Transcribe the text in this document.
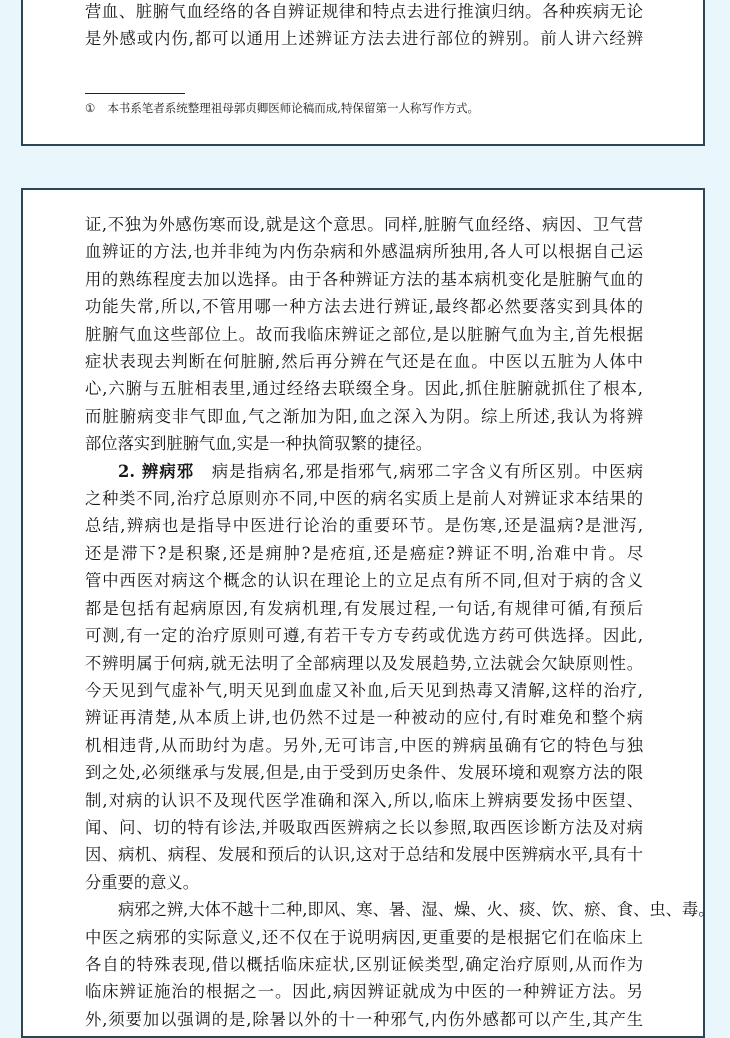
营血、脏腑气血经络的各自辨证规律和特点去进行推演归纳。各种疾病无论
是外感或内伤,都可以通用上述辨证方法去进行部位的辨别。前人讲六经辨
① 本书系笔者系统整理祖母郭贞卿医师论稿而成,特保留第一人称写作方式。
证,不独为外感伤寒而设,就是这个意思。同样,脏腑气血经络、病因、卫气营
血辨证的方法,也并非纯为内伤杂病和外感温病所独用,各人可以根据自己运
用的熟练程度去加以选择。由于各种辨证方法的基本病机变化是脏腑气血的
功能失常,所以,不管用哪一种方法去进行辨证,最终都必然要落实到具体的
脏腑气血这些部位上。故而我临床辨证之部位,是以脏腑气血为主,首先根据
症状表现去判断在何脏腑,然后再分辨在气还是在血。中医以五脏为人体中
心,六腑与五脏相表里,通过经络去联缀全身。因此,抓住脏腑就抓住了根本,
而脏腑病变非气即血,气之渐加为阳,血之深入为阴。综上所述,我认为将辨
部位落实到脏腑气血,实是一种执简驭繁的捷径。
2. 辨病邪　 病是指病名,邪是指邪气,病邪二字含义有所区别。中医病
之种类不同,治疗总原则亦不同,中医的病名实质上是前人对辨证求本结果的
总结,辨病也是指导中医进行论治的重要环节。是伤寒,还是温病?是泄泻,
还是滞下?是积聚,还是痈肿?是疮疽,还是癌症?辨证不明,治难中肯。尽
管中西医对病这个概念的认识在理论上的立足点有所不同,但对于病的含义
都是包括有起病原因,有发病机理,有发展过程,一句话,有规律可循,有预后
可测,有一定的治疗原则可遵,有若干专方专药或优选方药可供选择。因此,
不辨明属于何病,就无法明了全部病理以及发展趋势,立法就会欠缺原则性。
今天见到气虚补气,明天见到血虚又补血,后天见到热毒又清解,这样的治疗,
辨证再清楚,从本质上讲,也仍然不过是一种被动的应付,有时难免和整个病
机相违背,从而助纣为虐。另外,无可讳言,中医的辨病虽确有它的特色与独
到之处,必须继承与发展,但是,由于受到历史条件、发展环境和观察方法的限
制,对病的认识不及现代医学准确和深入,所以,临床上辨病要发扬中医望、
闻、问、切的特有诊法,并吸取西医辨病之长以参照,取西医诊断方法及对病
因、病机、病程、发展和预后的认识,这对于总结和发展中医辨病水平,具有十
分重要的意义。
病邪之辨,大体不越十二种,即风、寒、暑、湿、燥、火、痰、饮、瘀、食、虫、毒。
中医之病邪的实际意义,还不仅在于说明病因,更重要的是根据它们在临床上
各自的特殊表现,借以概括临床症状,区别证候类型,确定治疗原则,从而作为
临床辨证施治的根据之一。因此,病因辨证就成为中医的一种辨证方法。另
外,须要加以强调的是,除暑以外的十一种邪气,内伤外感都可以产生,其产生
